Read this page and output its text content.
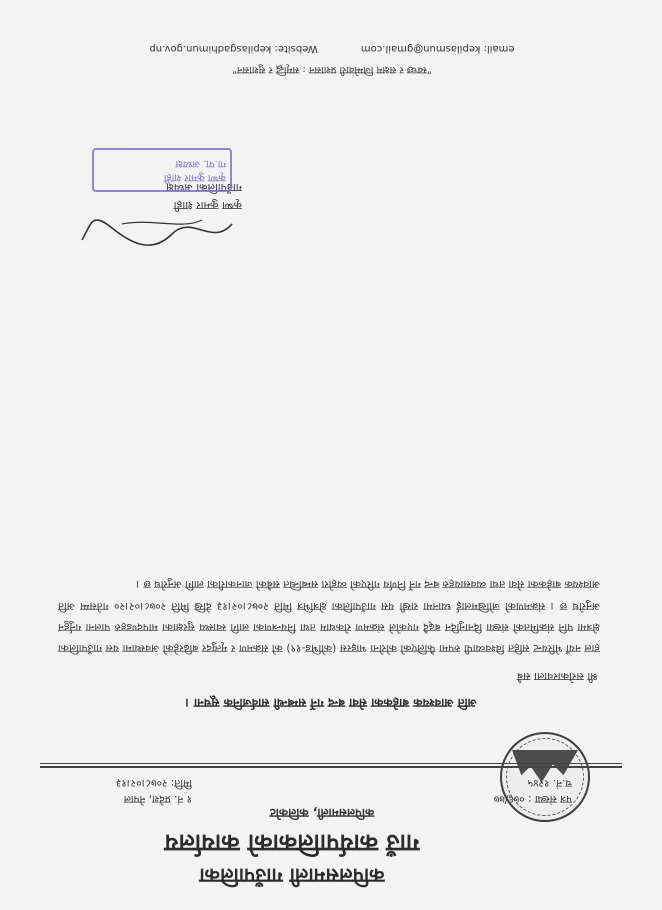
कपिलसमाली गाउँपालिका
गाउँ कार्यपालिकाको कार्यालय
कपिलसमाली, कलिकोट
पत्र संख्या : ०७६/७७
च.नं. १२४५
१ नं. प्रदेश, नेपाल
मिति: २०७८।०२।१३
अति आवश्यक बाहेकका सेवा बन्द गर्ने सम्बन्धी सार्वजनिक सूचना ।
श्री सरोकारवाला सबै
हाल नयाँ भेरियन्ट सहित विश्वव्यापी रुपमा फैलिएको कोरोना भाइरस (कोभिड-१९) को संक्रमण र मृत्युदर बढिरहेको अवस्थामा यस गाउँपालिका क्षेत्रमा पनि संक्रमितको संख्या दिनानुदिन बढ्दै गएकोले संक्रमण रोकथाम तथा नियन्त्रणका लागि स्वास्थ्य सुरक्षाका मापदण्डहरु पालना गर्नुहुन अनुरोध छ । संक्रमणको जोखिमलाई ध्यानमा राखी यस गाउँपालिका क्षेत्रभित्र मिति २०७८।०२।१३ देखि मिति २०७८।०२।२० गतेसम्म अति आवश्यक बाहेकका सेवा तथा व्यवसायहरु बन्द गर्ने निर्णय गरिएको व्यहोरा सम्बन्धित सबैको जानकारीका लागि अनुरोध छ ।
कृष्ण कुमार शाही
गाउँपालिका अध्यक्ष
कृष्ण कुमार शाही
गा.पा. अध्यक्ष
"स्वच्छ र सक्षम जिम्मेवारी प्रशासन : समृद्धि र सुशासन"
email: kepilasmun@gmail.com Website: kepilasgadhimun.gov.np
